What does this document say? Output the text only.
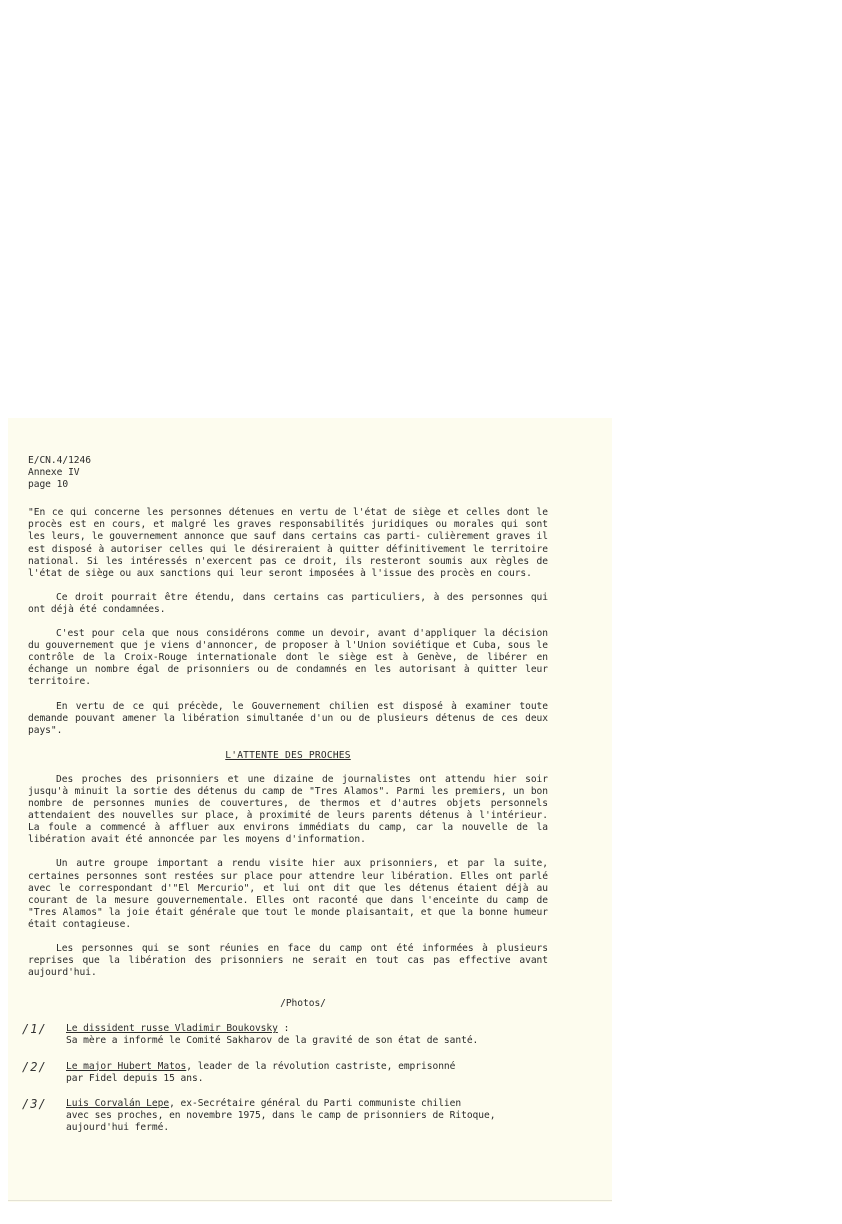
E/CN.4/1246
Annexe IV
page 10
"En ce qui concerne les personnes détenues en vertu de l'état de siège et celles dont le procès est en cours, et malgré les graves responsabilités juridiques ou morales qui sont les leurs, le gouvernement annonce que sauf dans certains cas parti- culièrement graves il est disposé à autoriser celles qui le désireraient à quitter définitivement le territoire national. Si les intéressés n'exercent pas ce droit, ils resteront soumis aux règles de l'état de siège ou aux sanctions qui leur seront imposées à l'issue des procès en cours.
Ce droit pourrait être étendu, dans certains cas particuliers, à des personnes qui ont déjà été condamnées.
C'est pour cela que nous considérons comme un devoir, avant d'appliquer la décision du gouvernement que je viens d'annoncer, de proposer à l'Union soviétique et Cuba, sous le contrôle de la Croix-Rouge internationale dont le siège est à Genève, de libérer en échange un nombre égal de prisonniers ou de condamnés en les autorisant à quitter leur territoire.
En vertu de ce qui précède, le Gouvernement chilien est disposé à examiner toute demande pouvant amener la libération simultanée d'un ou de plusieurs détenus de ces deux pays".
L'ATTENTE DES PROCHES
Des proches des prisonniers et une dizaine de journalistes ont attendu hier soir jusqu'à minuit la sortie des détenus du camp de "Tres Alamos". Parmi les premiers, un bon nombre de personnes munies de couvertures, de thermos et d'autres objets personnels attendaient des nouvelles sur place, à proximité de leurs parents détenus à l'intérieur. La foule a commencé à affluer aux environs immédiats du camp, car la nouvelle de la libération avait été annoncée par les moyens d'information.
Un autre groupe important a rendu visite hier aux prisonniers, et par la suite, certaines personnes sont restées sur place pour attendre leur libération. Elles ont parlé avec le correspondant d'"El Mercurio", et lui ont dit que les détenus étaient déjà au courant de la mesure gouvernementale. Elles ont raconté que dans l'enceinte du camp de "Tres Alamos" la joie était générale que tout le monde plaisantait, et que la bonne humeur était contagieuse.
Les personnes qui se sont réunies en face du camp ont été informées à plusieurs reprises que la libération des prisonniers ne serait en tout cas pas effective avant aujourd'hui.
/Photos/
/1/	Le dissident russe Vladimir Boukovsky :
Sa mère a informé le Comité Sakharov de la gravité de son état de santé.
/2/	Le major Hubert Matos, leader de la révolution castriste, emprisonné
par Fidel depuis 15 ans.
/3/	Luis Corvalán Lepe, ex-Secrétaire général du Parti communiste chilien
avec ses proches, en novembre 1975, dans le camp de prisonniers de Ritoque, aujourd'hui fermé.
